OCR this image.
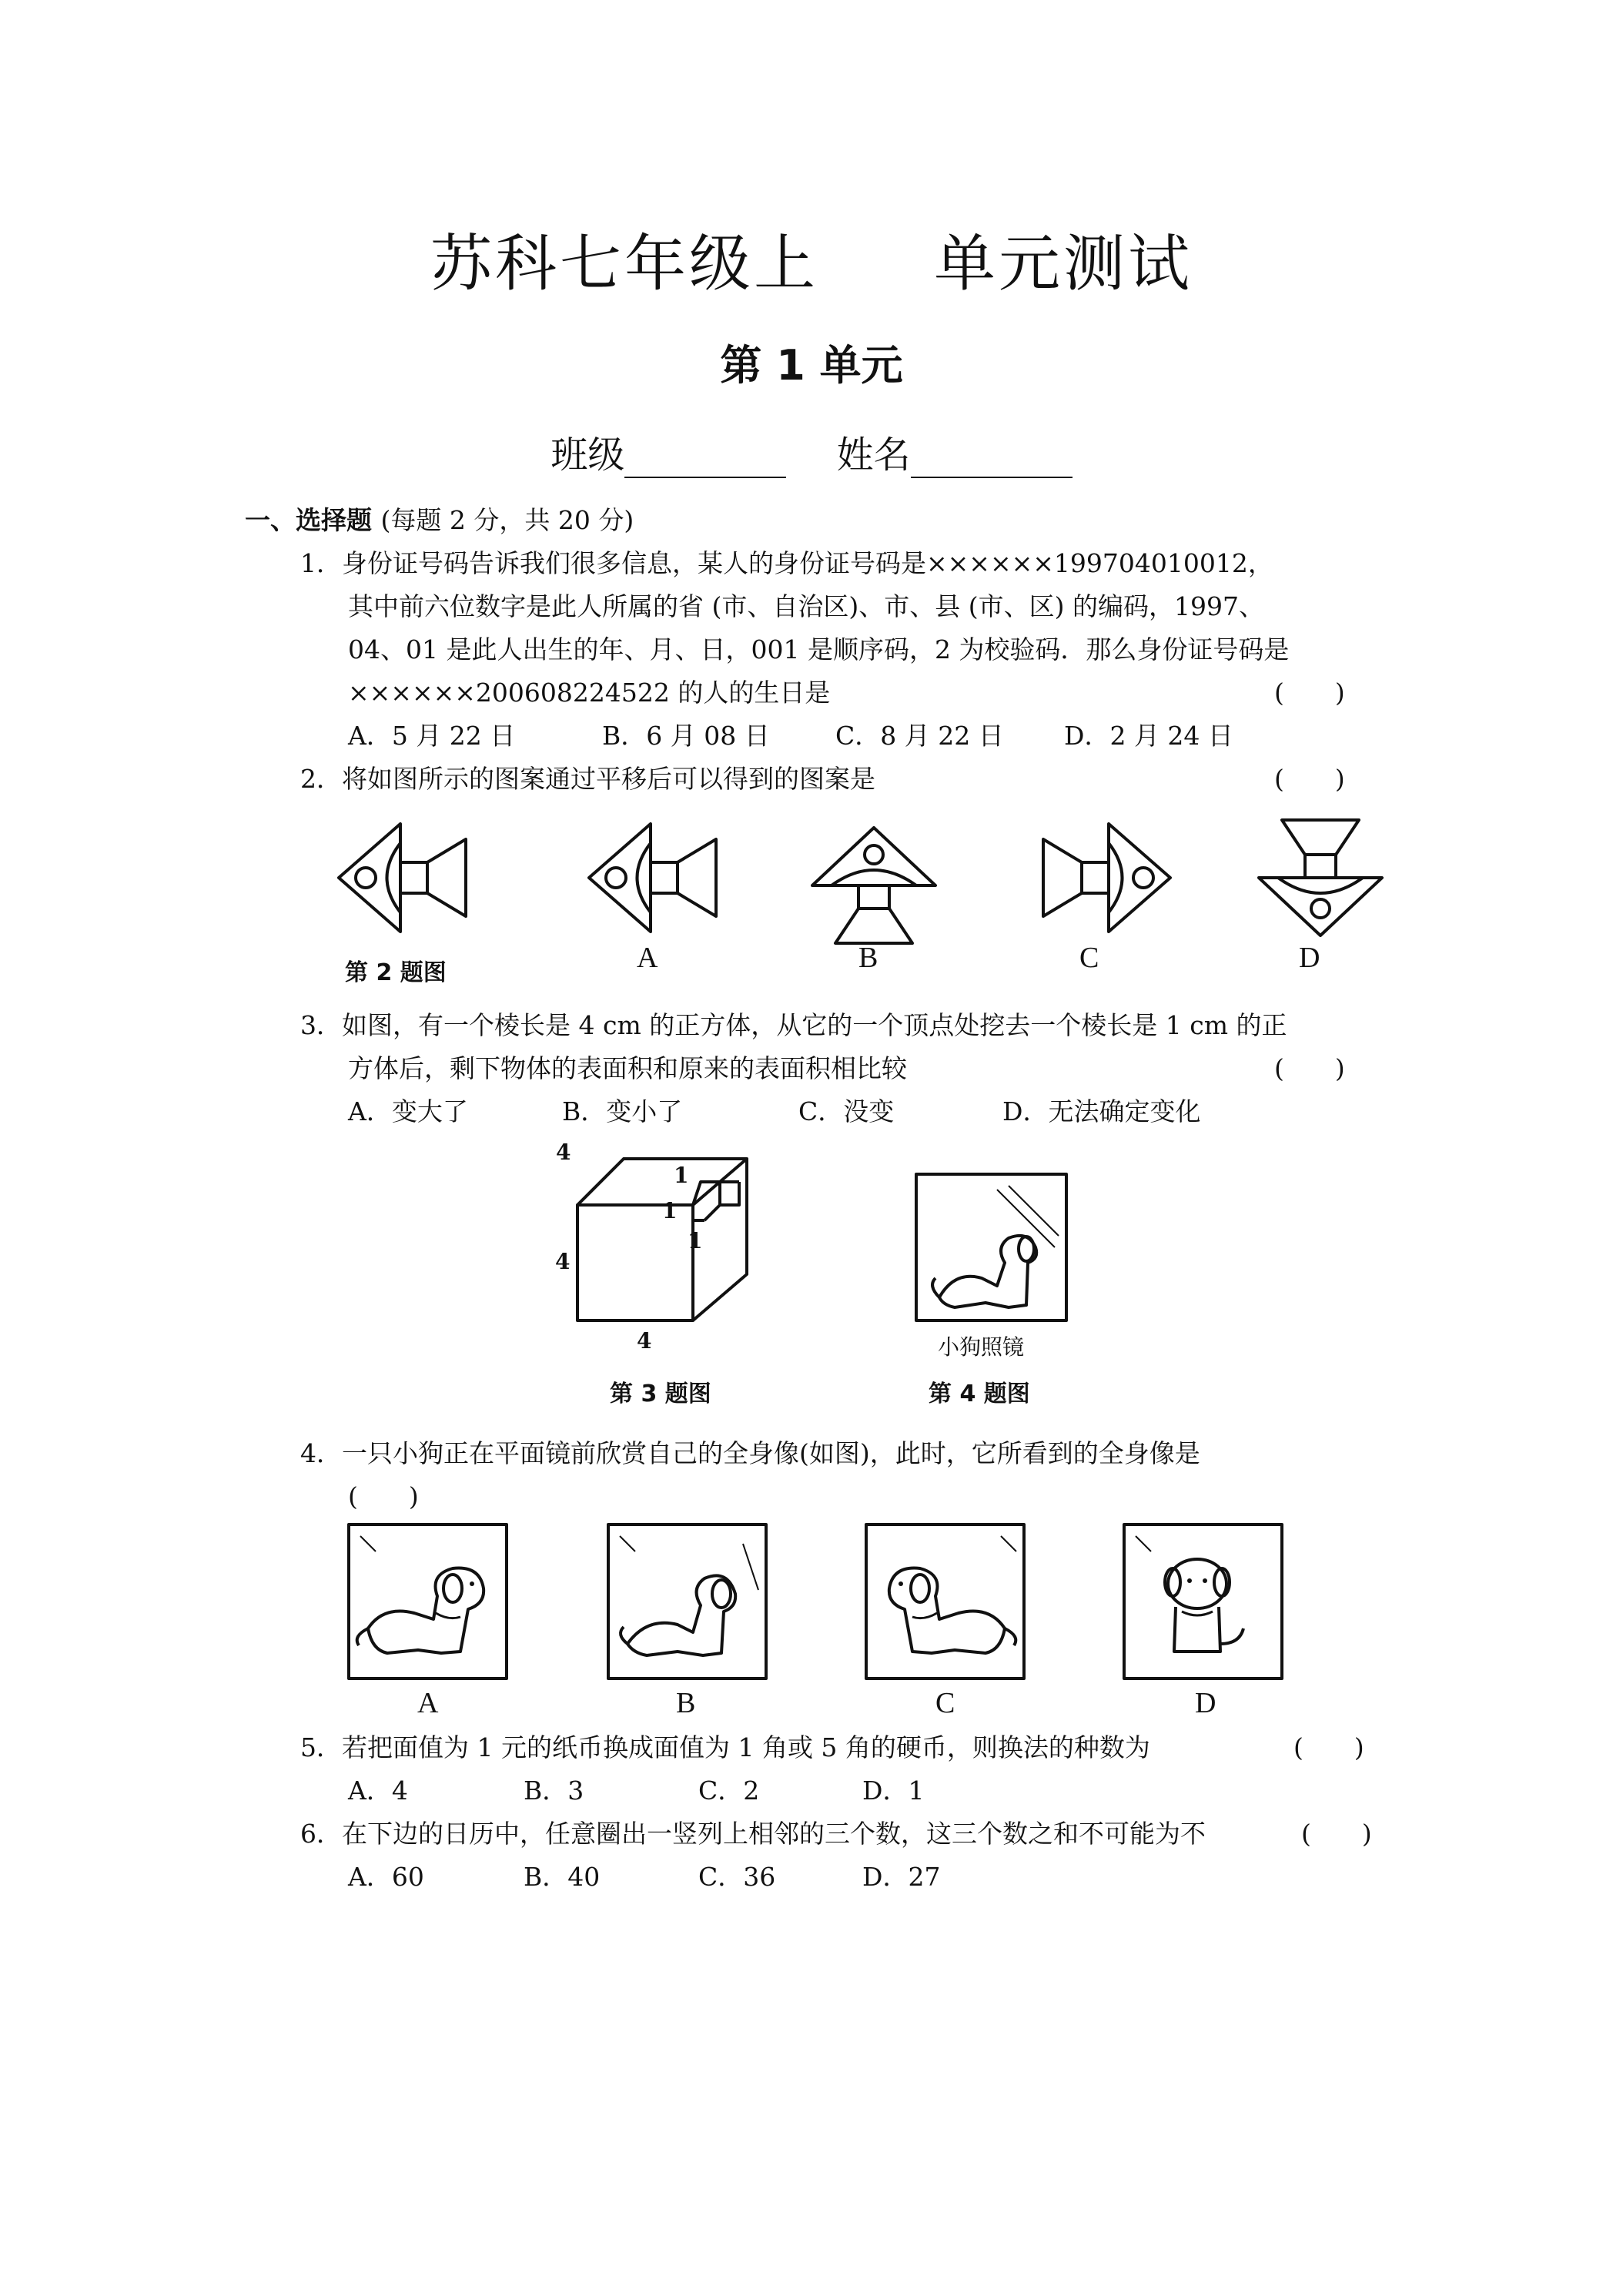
苏科七年级上 单元测试
第 1 单元
班级	姓名
一、选择题 (每题 2 分，共 20 分)
1．身份证号码告诉我们很多信息，某人的身份证号码是××××××199704010012，
其中前六位数字是此人所属的省 (市、自治区)、市、县 (市、区) 的编码，1997、
04、01 是此人出生的年、月、日，001 是顺序码，2 为校验码．那么身份证号码是
××××××200608224522 的人的生日是	(　　)
A．5 月 22 日	B．6 月 08 日	C．8 月 22 日 D．2 月 24 日
2．将如图所示的图案通过平移后可以得到的图案是	(　　)
第 2 题图	A	B	C	D
3．如图，有一个棱长是 4 cm 的正方体，从它的一个顶点处挖去一个棱长是 1 cm 的正
方体后，剩下物体的表面积和原来的表面积相比较	(　　)
A．变大了	B．变小了	C．没变	D．无法确定变化
4
1
1
1
4
4
第 3 题图
小狗照镜
第 4 题图
4．一只小狗正在平面镜前欣赏自己的全身像(如图)，此时，它所看到的全身像是
(　　)
A	B	C	D
5．若把面值为 1 元的纸币换成面值为 1 角或 5 角的硬币，则换法的种数为	(　　)
A．4	B．3	C．2	D．1
6．在下边的日历中，任意圈出一竖列上相邻的三个数，这三个数之和不可能为不	(　　)
A．60	B．40	C．36	D．27
